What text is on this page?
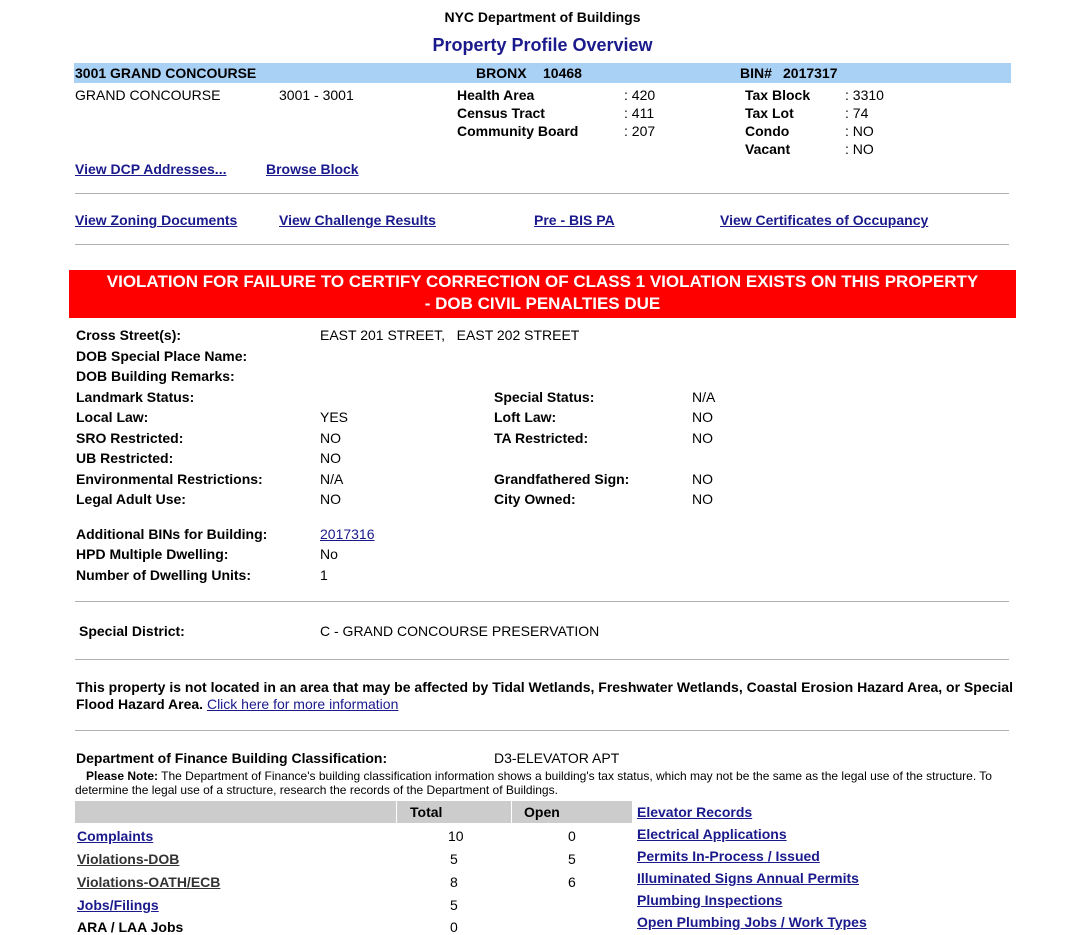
NYC Department of Buildings
Property Profile Overview
3001 GRAND CONCOURSE	BRONX 10468	BIN# 2017317
GRAND CONCOURSE	3001 - 3001	Health Area	: 420
Census Tract	: 411
Community Board	: 207
Tax Block : 3310
Tax Lot	: 74
Condo	: NO
Vacant	: NO
View DCP Addresses...	Browse Block
View Zoning Documents	View Challenge Results	Pre - BIS PA	View Certificates of Occupancy
VIOLATION FOR FAILURE TO CERTIFY CORRECTION OF CLASS 1 VIOLATION EXISTS ON THIS PROPERTY
- DOB CIVIL PENALTIES DUE
Cross Street(s):	EAST 201 STREET,   EAST 202 STREET
DOB Special Place Name:
DOB Building Remarks:
Landmark Status:	Special Status:	N/A
Local Law:	YES	Loft Law:	NO
SRO Restricted:	NO	TA Restricted:	NO
UB Restricted:	NO
Environmental Restrictions:	N/A	Grandfathered Sign:	NO
Legal Adult Use:	NO	City Owned:	NO
Additional BINs for Building:	2017316
HPD Multiple Dwelling:	No
Number of Dwelling Units:	1
Special District:	C - GRAND CONCOURSE PRESERVATION
This property is not located in an area that may be affected by Tidal Wetlands, Freshwater Wetlands, Coastal Erosion Hazard Area, or Special Flood Hazard Area. Click here for more information
Department of Finance Building Classification:	D3-ELEVATOR APT
Please Note: The Department of Finance's building classification information shows a building's tax status, which may not be the same as the legal use of the structure. To determine the legal use of a structure, research the records of the Department of Buildings.
Total	Open
Complaints	10	0
Violations-DOB	5	5
Violations-OATH/ECB	8	6
Jobs/Filings	5
ARA / LAA Jobs	0
Elevator Records
Electrical Applications
Permits In-Process / Issued
Illuminated Signs Annual Permits
Plumbing Inspections
Open Plumbing Jobs / Work Types
